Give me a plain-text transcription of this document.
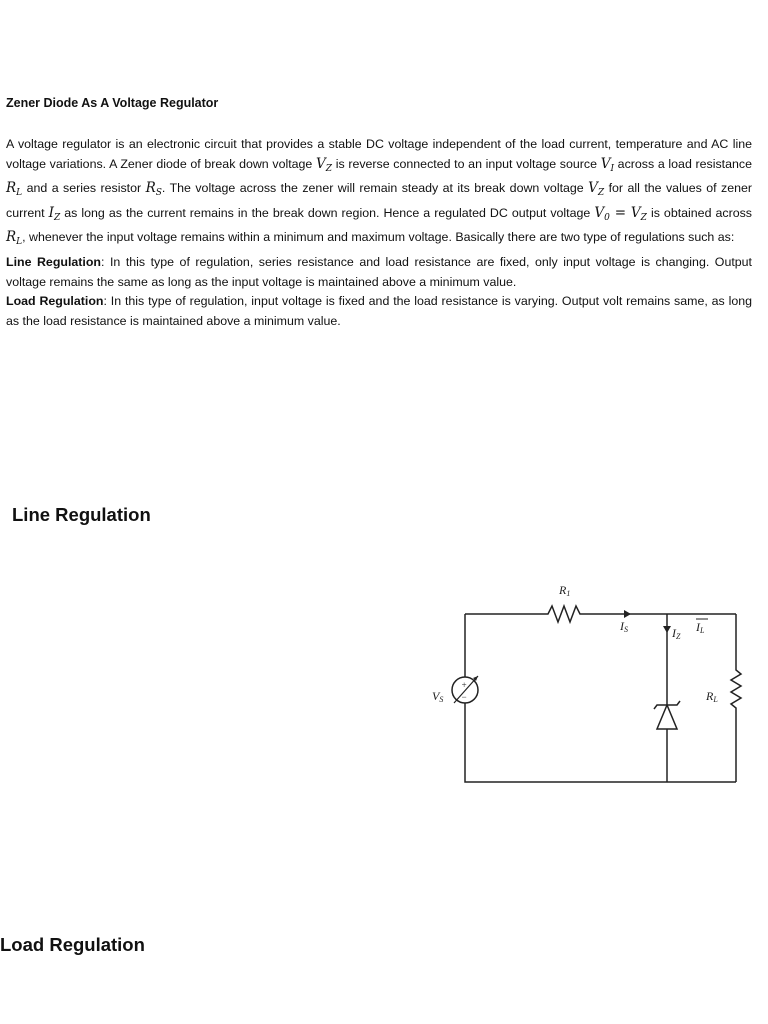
Zener Diode As A Voltage Regulator

A voltage regulator is an electronic circuit that provides a stable DC voltage independent of the load current, temperature and AC line voltage variations. A Zener diode of break down voltage $V_Z$ is reverse connected to an input voltage source $V_I$ across a load resistance $R_L$ and a series resistor $R_S$. The voltage across the zener will remain steady at its break down voltage $V_Z$ for all the values of zener current $I_Z$ as long as the current remains in the break down region. Hence a regulated DC output voltage $V_0 = V_Z$ is obtained across $R_L$, whenever the input voltage remains within a minimum and maximum voltage. Basically there are two type of regulations such as:

Line Regulation: In this type of regulation, series resistance and load resistance are fixed, only input voltage is changing. Output voltage remains the same as long as the input voltage is maintained above a minimum value.

Load Regulation: In this type of regulation, input voltage is fixed and the load resistance is varying. Output volt remains same, as long as the load resistance is maintained above a minimum value.

Line Regulation
+
−
R1
IS	IZ
IL
VS	RL
Load Regulation
